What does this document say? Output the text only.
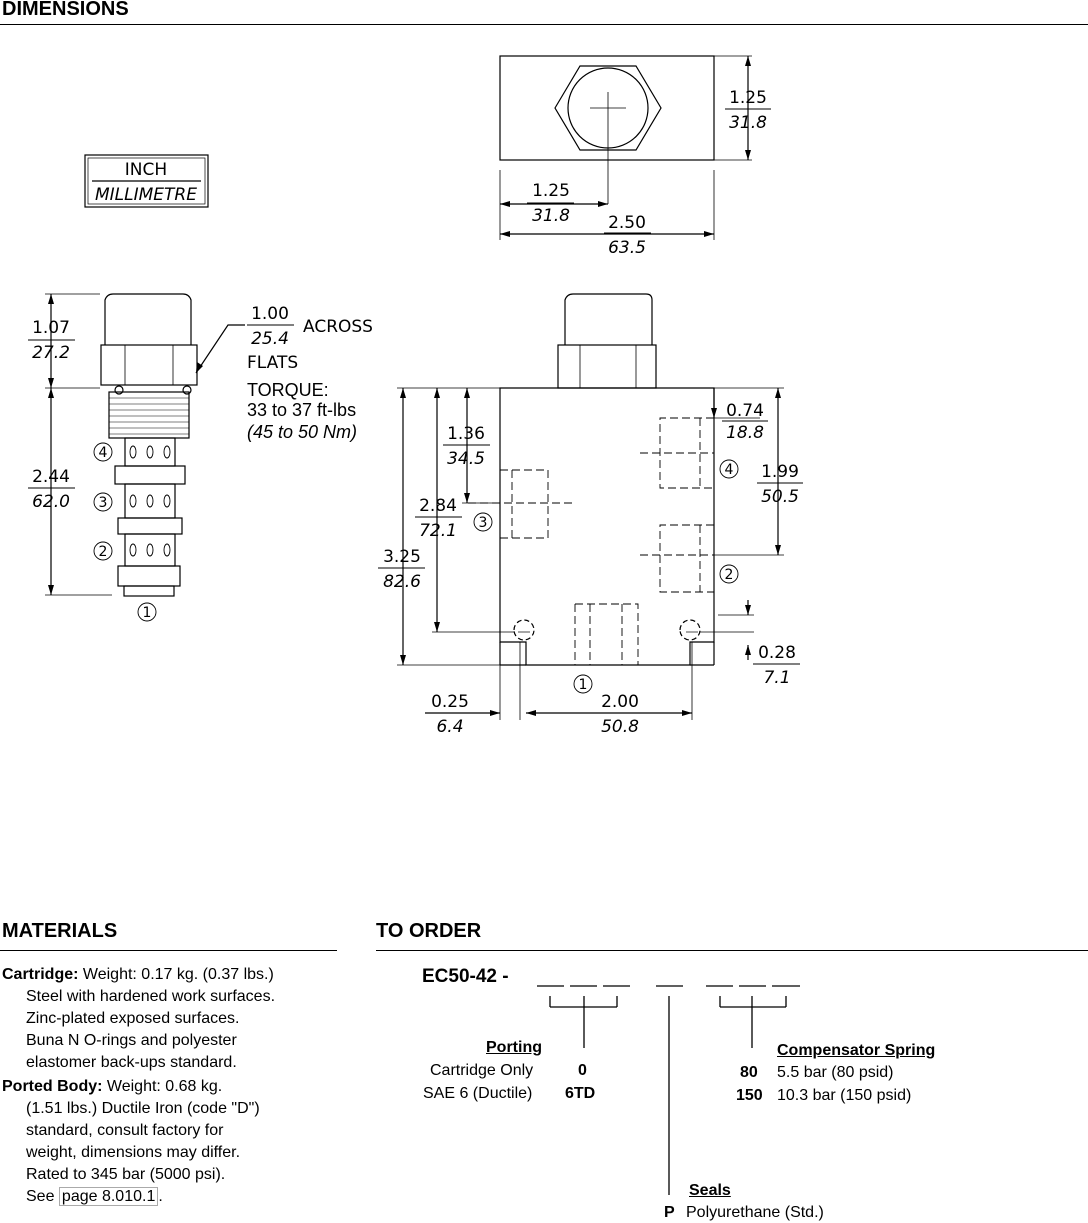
DIMENSIONS
MATERIALS	TO ORDER
INCH
MILLIMETRE
1.25
31.8
1.25
31.8 2.50
63.5
1.07
27.2
2.44
62.0
1.00
25.4
ACROSS
FLATS
TORQUE:
33 to 37 ft-lbs
(45 to 50 Nm)
4
3
2
1
1.36
34.5
2.84
72.1
3.25
82.6
0.74
18.8
1.99
50.5
0.28
7.1
0.25
6.4
2.00
50.8
4
3
2
1

Cartridge: Weight: 0.17 kg. (0.37 lbs.)
Steel with hardened work surfaces.
Zinc-plated exposed surfaces.
Buna N O-rings and polyester
elastomer back-ups standard.

Ported Body: Weight: 0.68 kg.
(1.51 lbs.) Ductile Iron (code "D")
standard, consult factory for
weight, dimensions may differ.
Rated to 345 bar (5000 psi).
See page 8.010.1 .

EC50-42 -
Porting
Cartridge Only	0
SAE 6 (Ductile) 6TD
Compensator Spring
80 5.5 bar (80 psid)
150 10.3 bar (150 psid)
Seals
P Polyurethane (Std.)
